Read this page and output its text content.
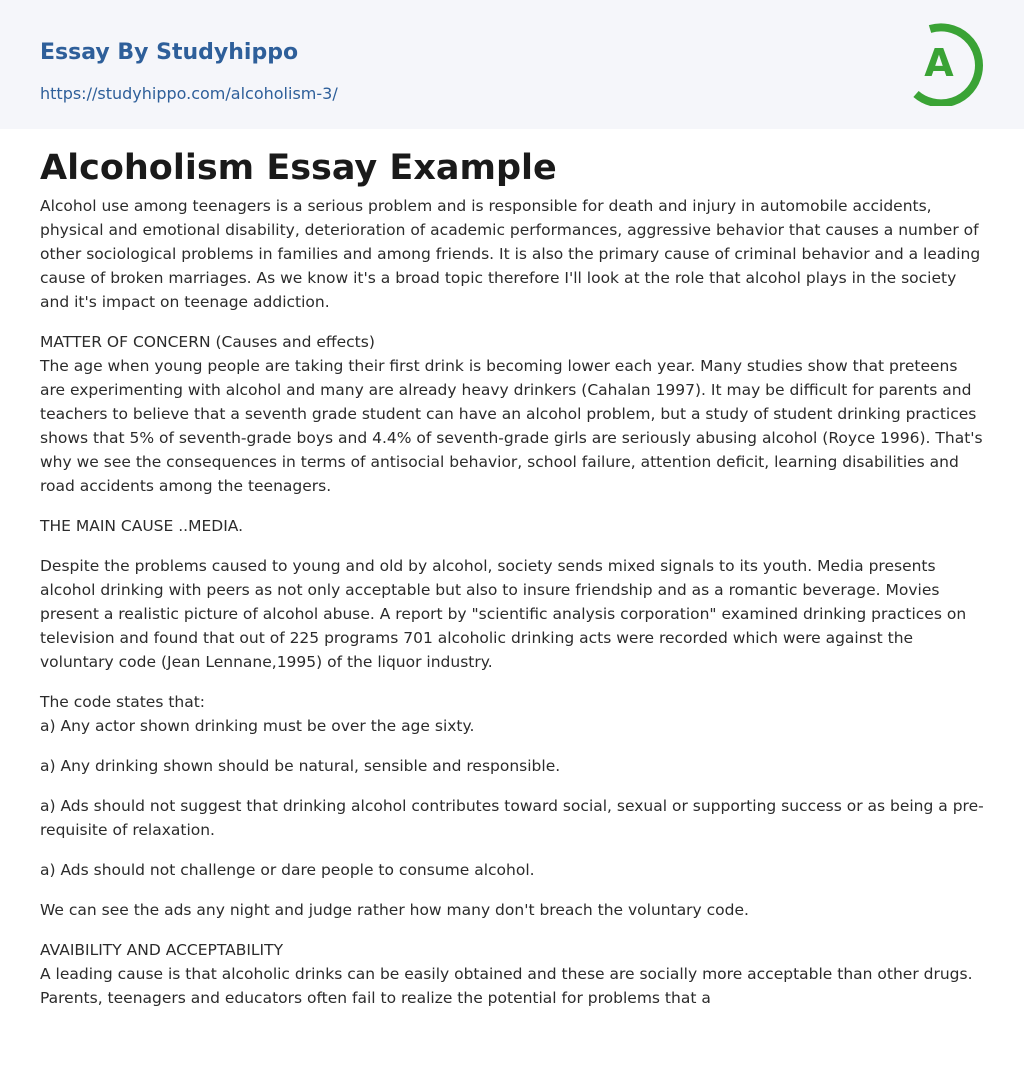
Essay By Studyhippo
https://studyhippo.com/alcoholism-3/
A
Alcoholism Essay Example

Alcohol use among teenagers is a serious problem and is responsible for death and injury in automobile accidents, physical and emotional disability, deterioration of academic performances, aggressive behavior that causes a number of other sociological problems in families and among friends. It is also the primary cause of criminal behavior and a leading cause of broken marriages. As we know it's a broad topic therefore I'll look at the role that alcohol plays in the society and it's impact on teenage addiction.

MATTER OF CONCERN (Causes and effects)
The age when young people are taking their first drink is becoming lower each year. Many studies show that preteens are experimenting with alcohol and many are already heavy drinkers (Cahalan 1997). It may be difficult for parents and teachers to believe that a seventh grade student can have an alcohol problem, but a study of student drinking practices shows that 5% of seventh-grade boys and 4.4% of seventh-grade girls are seriously abusing alcohol (Royce 1996). That's why we see the consequences in terms of antisocial behavior, school failure, attention deficit, learning disabilities and road accidents among the teenagers.

THE MAIN CAUSE ..MEDIA.

Despite the problems caused to young and old by alcohol, society sends mixed signals to its youth. Media presents alcohol drinking with peers as not only acceptable but also to insure friendship and as a romantic beverage. Movies present a realistic picture of alcohol abuse. A report by "scientific analysis corporation" examined drinking practices on television and found that out of 225 programs 701 alcoholic drinking acts were recorded which were against the voluntary code (Jean Lennane,1995) of the liquor industry.

The code states that:
a) Any actor shown drinking must be over the age sixty.

a) Any drinking shown should be natural, sensible and responsible.

a) Ads should not suggest that drinking alcohol contributes toward social, sexual or supporting success or as being a pre-requisite of relaxation.

a) Ads should not challenge or dare people to consume alcohol.

We can see the ads any night and judge rather how many don't breach the voluntary code.

AVAIBILITY AND ACCEPTABILITY
A leading cause is that alcoholic drinks can be easily obtained and these are socially more acceptable than other drugs. Parents, teenagers and educators often fail to realize the potential for problems that a
